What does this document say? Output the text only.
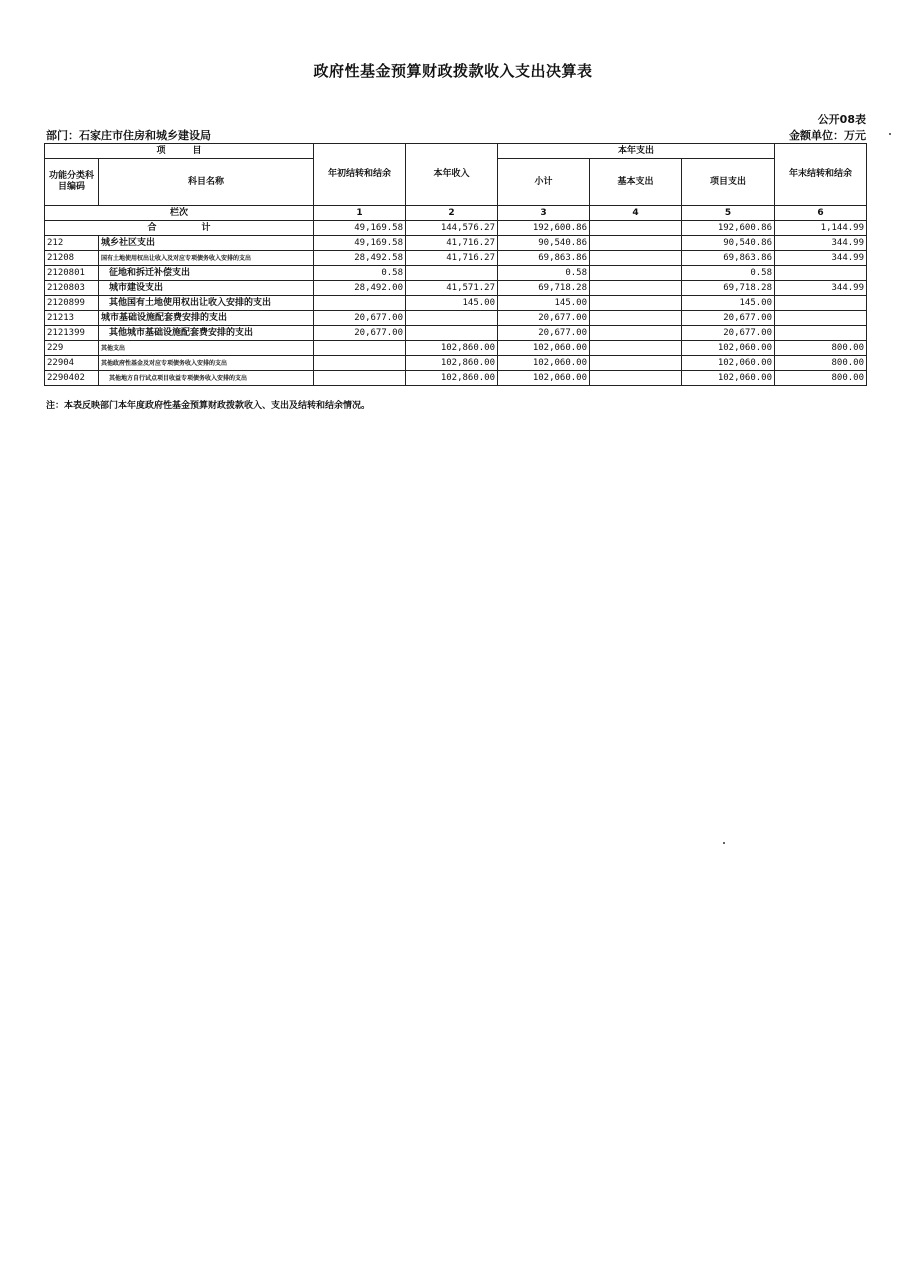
政府性基金预算财政拨款收入支出决算表
公开08表
部门：石家庄市住房和城乡建设局	金额单位：万元
项　　　目		年初结转和结余	本年收入	本年支出			年末结转和结余
功能分类科目编码	科目名称			小计	基本支出	项目支出	

栏次		1	2	3	4	5	6
合　　　　　计		49,169.58	144,576.27	192,600.86		192,600.86	1,144.99
212	城乡社区支出	49,169.58	41,716.27	90,540.86		90,540.86	344.99
21208	国有土地使用权出让收入及对应专项债务收入安排的支出	28,492.58	41,716.27	69,863.86		69,863.86	344.99
2120801	征地和拆迁补偿支出	0.58		0.58		0.58	
2120803	城市建设支出	28,492.00	41,571.27	69,718.28		69,718.28	344.99
2120899	其他国有土地使用权出让收入安排的支出		145.00	145.00		145.00	
21213	城市基础设施配套费安排的支出	20,677.00		20,677.00		20,677.00	
2121399	其他城市基础设施配套费安排的支出	20,677.00		20,677.00		20,677.00	
229	其他支出		102,860.00	102,060.00		102,060.00	800.00
22904	其他政府性基金及对应专项债务收入安排的支出		102,860.00	102,060.00		102,060.00	800.00
2290402	其他地方自行试点项目收益专项债务收入安排的支出		102,860.00	102,060.00		102,060.00	800.00
注：本表反映部门本年度政府性基金预算财政拨款收入、支出及结转和结余情况。
